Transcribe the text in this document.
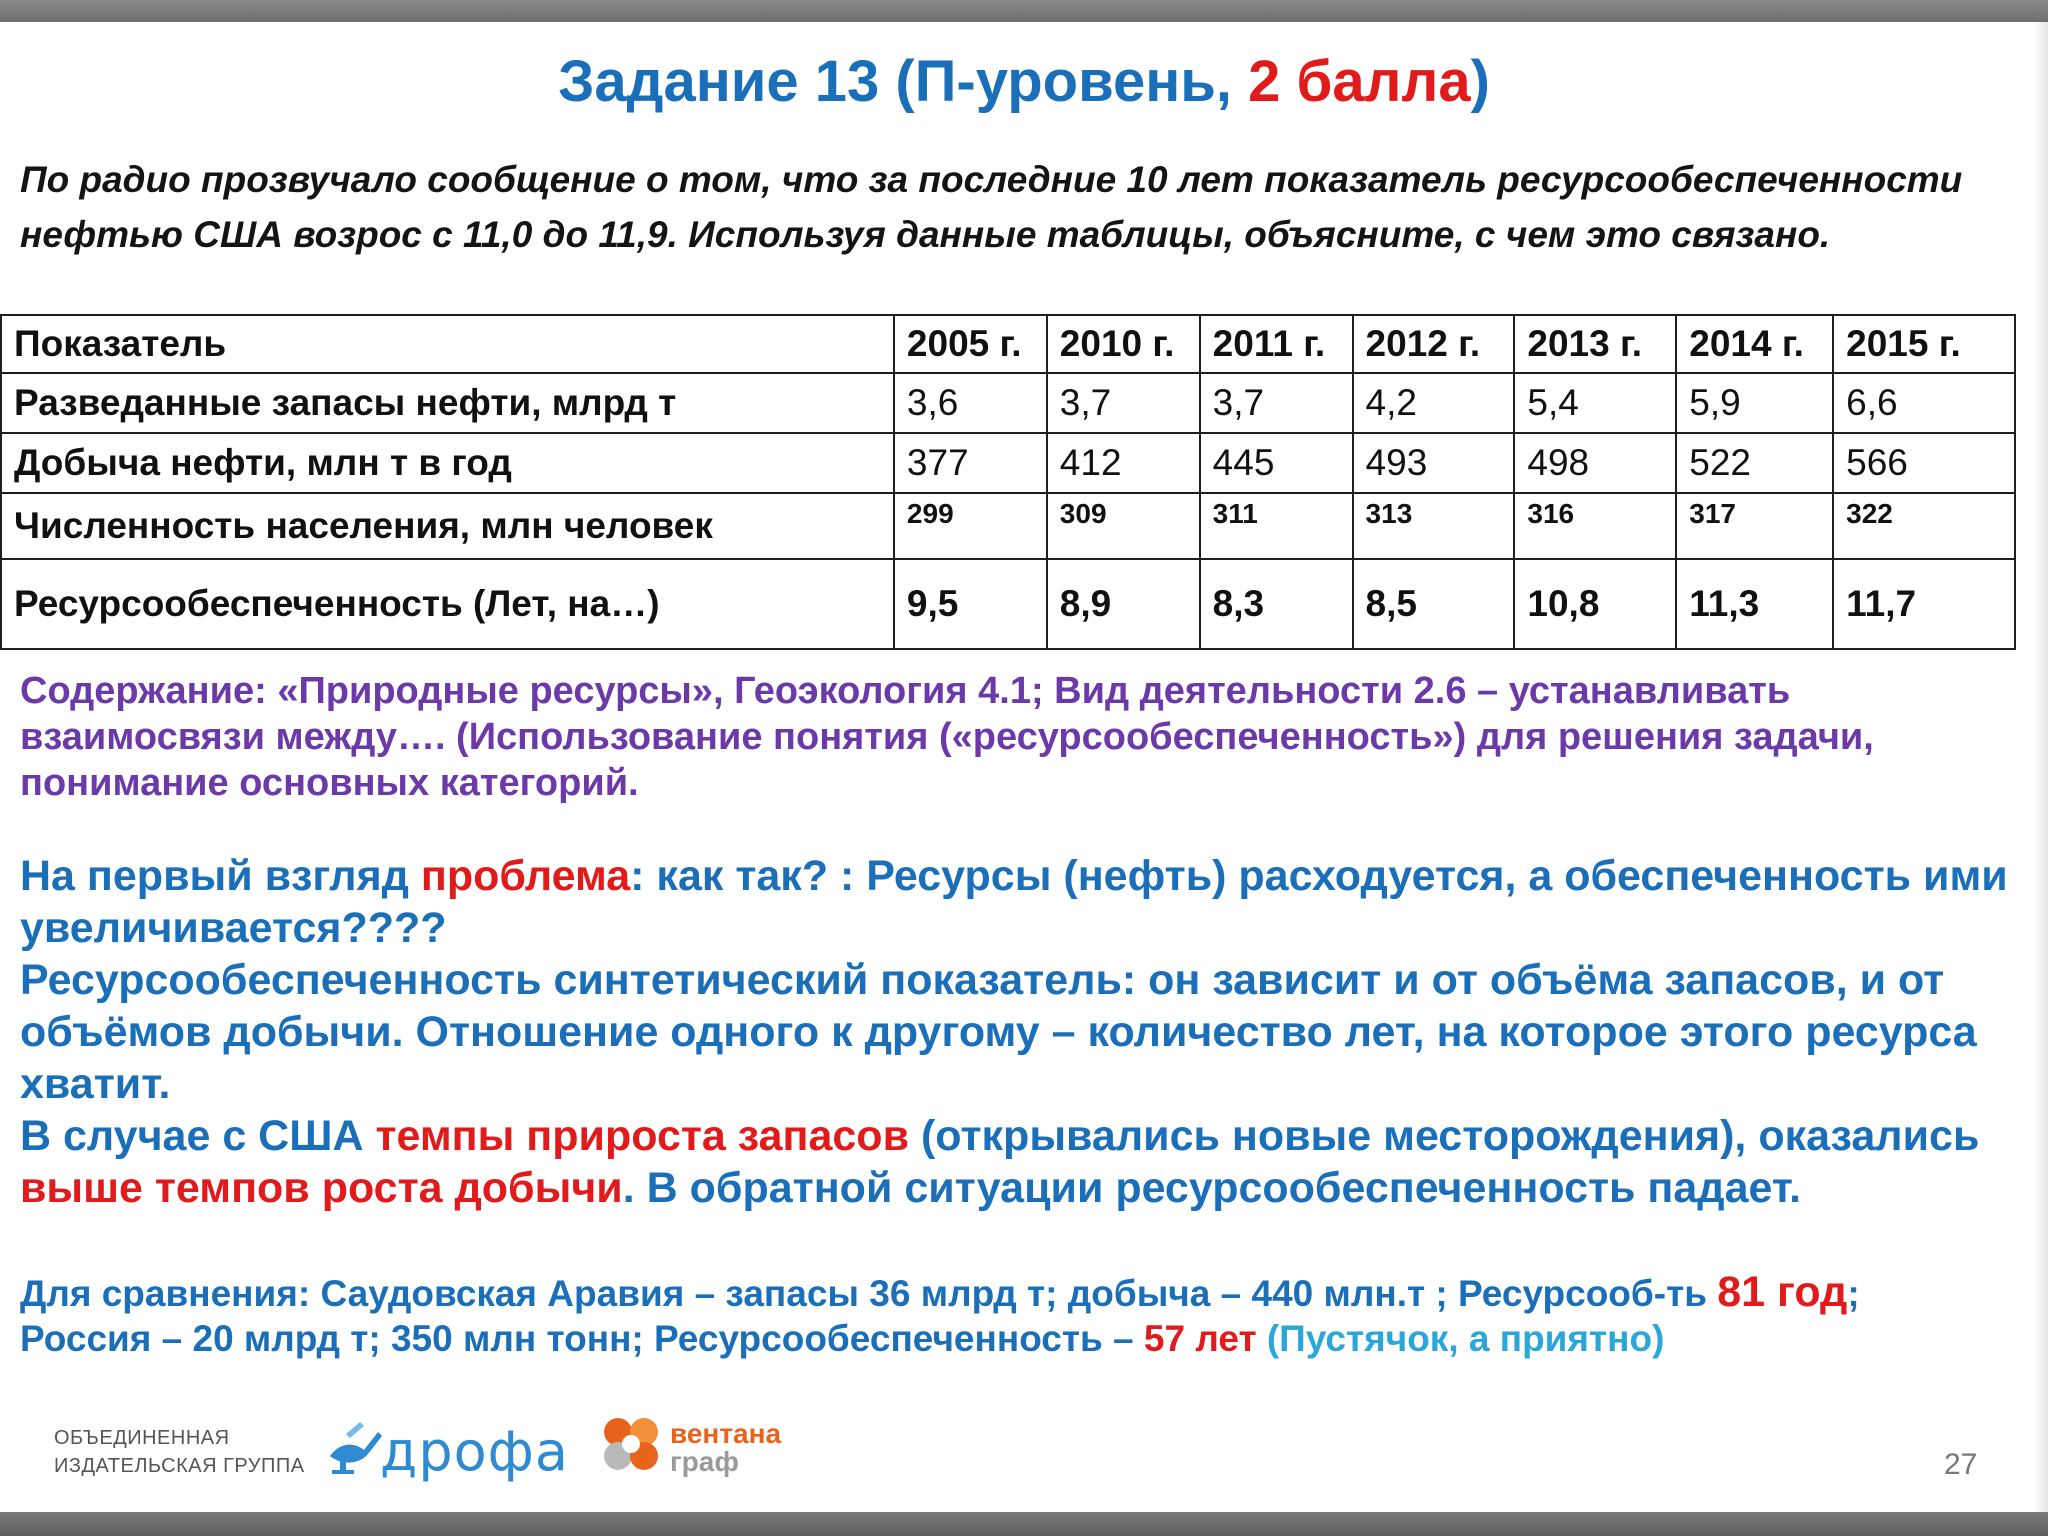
Задание 13 (П-уровень, 2 балла)

По радио прозвучало сообщение о том, что за последние 10 лет показатель ресурсообеспеченности нефтью США возрос с 11,0 до 11,9. Используя данные таблицы, объясните, с чем это связано.

Показатель	2005 г.	2010 г.	2011 г.	2012 г.	2013 г.	2014 г.	2015 г.
Разведанные запасы нефти, млрд т	3,6	3,7	3,7	4,2	5,4	5,9	6,6
Добыча нефти, млн т в год	377	412	445	493	498	522	566
Численность населения, млн человек	299	309	311	313	316	317	322
Ресурсообеспеченность (Лет, на…)	9,5	8,9	8,3	8,5	10,8	11,3	11,7

Содержание: «Природные ресурсы», Геоэкология 4.1; Вид деятельности 2.6 – устанавливать взаимосвязи между…. (Использование понятия («ресурсообеспеченность») для решения задачи, понимание основных категорий.

На первый взгляд проблема: как так? : Ресурсы (нефть) расходуется, а обеспеченность ими увеличивается????
Ресурсообеспеченность синтетический показатель: он зависит и от объёма запасов, и от объёмов добычи. Отношение одного к другому – количество лет, на которое этого ресурса хватит.
В случае с США темпы прироста запасов (открывались новые месторождения), оказались выше темпов роста добычи. В обратной ситуации ресурсообеспеченность падает.
Для сравнения: Саудовская Аравия – запасы 36 млрд т; добыча – 440 млн.т ; Ресурсооб-ть 81 год;
Россия – 20 млрд т; 350 млн тонн; Ресурсообеспеченность – 57 лет (Пустячок, а приятно)
ОБЪЕДИНЕННАЯ
ИЗДАТЕЛЬСКАЯ ГРУППА дрофа	вентана
граф	27
